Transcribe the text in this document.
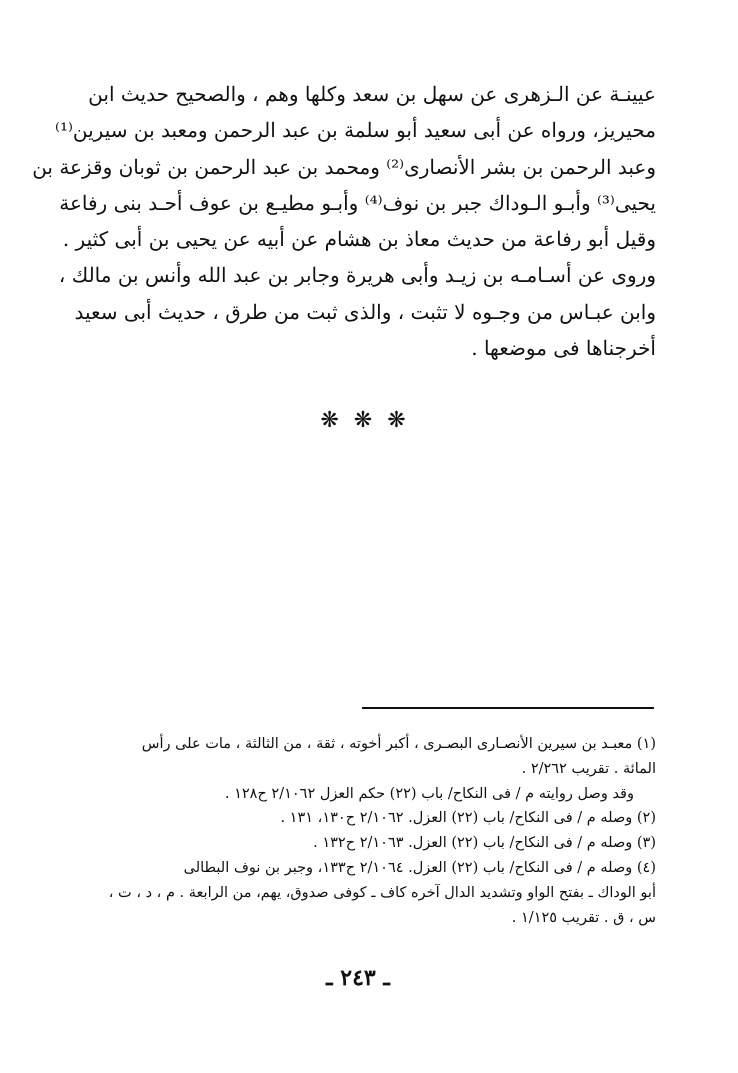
عيينـة عن الـزهرى عن سهل بن سعد وكلها وهم ، والصحيح حديث ابن
محيريز، ورواه عن أبى سعيد أبو سلمة بن عبد الرحمن ومعبد بن سيرين⁽¹⁾
وعبد الرحمن بن بشر الأنصارى⁽²⁾ ومحمد بن عبد الرحمن بن ثوبان وقزعة بن
يحيى⁽³⁾ وأبـو الـوداك جبر بن نوف⁽⁴⁾ وأبـو مطيـع بن عوف أحـد بنى رفاعة
وقيل أبو رفاعة من حديث معاذ بن هشام عن أبيه عن يحيى بن أبى كثير .
وروى عن أسـامـه بن زيـد وأبى هريرة وجابر بن عبد الله وأنس بن مالك ،
وابن عبـاس من وجـوه لا تثبت ، والذى ثبت من طرق ، حديث أبى سعيد
أخرجناها فى موضعها .
❋ ❋ ❋
(١) معبـد بن سيرين الأنصـارى البصـرى ، أكبر أخوته ، ثقة ، من الثالثة ، مات على رأس
المائة . تقريب ٢/٢٦٢ .
وقد وصل روايته م / فى النكاح/ باب (٢٢) حكم العزل ٢/١٠٦٢ ح١٢٨ .
(٢) وصله م / فى النكاح/ باب (٢٢) العزل. ٢/١٠٦٢ ح١٣٠، ١٣١ .
(٣) وصله م / فى النكاح/ باب (٢٢) العزل. ٢/١٠٦٣ ح١٣٢ .
(٤) وصله م / فى النكاح/ باب (٢٢) العزل. ٢/١٠٦٤ ح١٣٣، وجبر بن نوف البطالى
أبو الوداك ـ بفتح الواو وتشديد الدال آخره كاف ـ كوفى صدوق، يهم، من الرابعة . م ، د ، ت ،
س ، ق . تقريب ١/١٢٥ .
ـ ٢٤٣ ـ
